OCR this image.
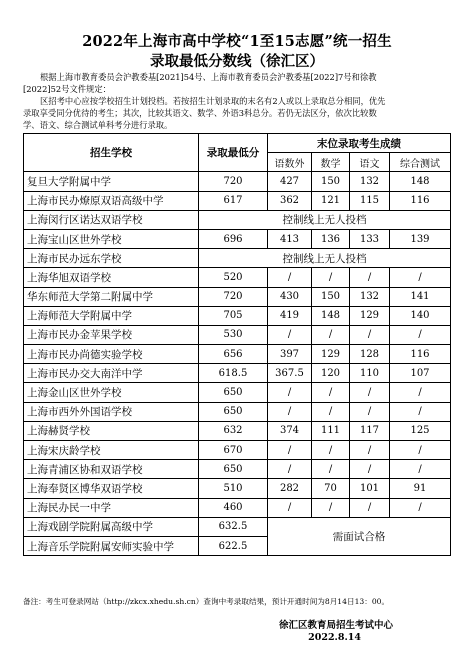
2022年上海市高中学校“1至15志愿”统一招生
录取最低分数线（徐汇区）
根据上海市教育委员会沪教委基[2021]54号、上海市教育委员会沪教委基[2022]7号和徐教
[2022]52号文件规定：
区招考中心应按学校招生计划投档。若按招生计划录取的末名有2人或以上录取总分相同，优先
录取享受同分优待的考生；其次，比较其语文、数学、外语3科总分。若仍无法区分，依次比较数
学、语文、综合测试单科考分进行录取。
招生学校	录取最低分	末位录取考生成绩			
		语数外	数学	语文	综合测试
复旦大学附属中学	720	427	150	132	148
上海市民办燎原双语高级中学	617	362	121	115	116
上海闵行区诺达双语学校	控制线上无人投档				
上海宝山区世外学校	696	413	136	133	139
上海市民办远东学校	控制线上无人投档				
上海华旭双语学校	520	/	/	/	/
华东师范大学第二附属中学	720	430	150	132	141
上海师范大学附属中学	705	419	148	129	140
上海市民办金苹果学校	530	/	/	/	/
上海市民办尚德实验学校	656	397	129	128	116
上海市民办交大南洋中学	618.5	367.5	120	110	107
上海金山区世外学校	650	/	/	/	/
上海市西外外国语学校	650	/	/	/	/
上海赫贤学校	632	374	111	117	125
上海宋庆龄学校	670	/	/	/	/
上海青浦区协和双语学校	650	/	/	/	/
上海奉贤区博华双语学校	510	282	70	101	91
上海民办民一中学	460	/	/	/	/
上海戏剧学院附属高级中学	632.5	需面试合格			
上海音乐学院附属安师实验中学	622.5				
备注：考生可登录网站（http://zkcx.xhedu.sh.cn）查询中考录取结果，预计开通时间为8月14日13：00。
徐汇区教育局招生考试中心
2022.8.14
